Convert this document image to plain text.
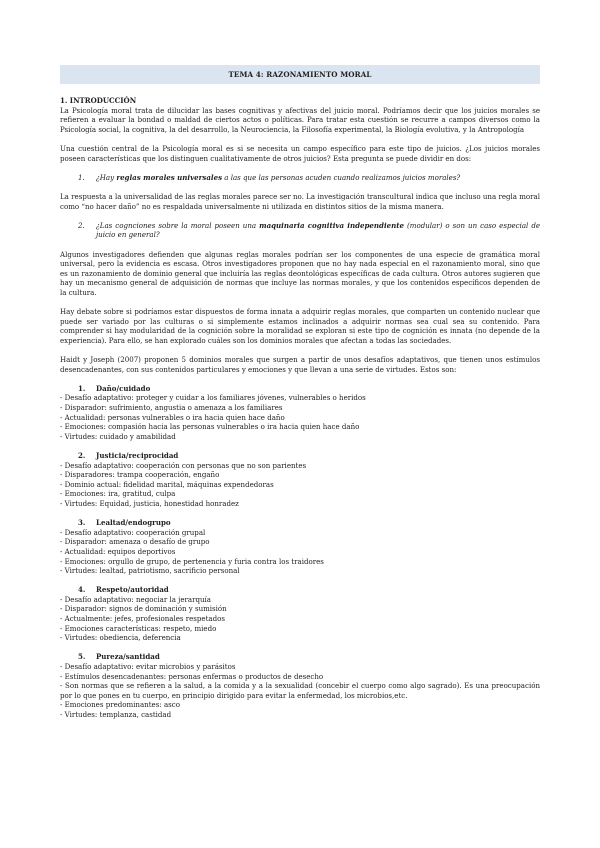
TEMA 4: RAZONAMIENTO MORAL

1. INTRODUCCIÓN

La Psicología moral trata de dilucidar las bases cognitivas y afectivas del juicio moral. Podríamos decir que los juicios morales se refieren a evaluar la bondad o maldad de ciertos actos o políticas. Para tratar esta cuestión se recurre a campos diversos como la Psicología social, la cognitiva, la del desarrollo, la Neurociencia, la Filosofía experimental, la Biología evolutiva, y la Antropología

Una cuestión central de la Psicología moral es si se necesita un campo específico para este tipo de juicios. ¿Los juicios morales poseen características que los distinguen cualitativamente de otros juicios? Esta pregunta se puede dividir en dos:

1.	¿Hay reglas morales universales a las que las personas acuden cuando realizamos juicios morales?

La respuesta a la universalidad de las reglas morales parece ser no. La investigación transcultural indica que incluso una regla moral como “no hacer daño” no es respaldada universalmente ni utilizada en distintos sitios de la misma manera.

2.	¿Las cognciones sobre la moral poseen una maquinaria cognitiva independiente (modular) o son un caso especial de juicio en general?

Algunos investigadores defienden que algunas reglas morales podrían ser los componentes de una especie de gramática moral universal, pero la evidencia es escasa. Otros investigadores proponen que no hay nada especial en el razonamiento moral, sino que es un razonamiento de dominio general que incluiría las reglas deontológicas específicas de cada cultura. Otros autores sugieren que hay un mecanismo general de adquisición de normas que incluye las normas morales, y que los contenidos específicos dependen de la cultura.

Hay debate sobre si podríamos estar dispuestos de forma innata a adquirir reglas morales, que comparten un contenido nuclear que puede ser variado por las culturas o si simplemente estamos inclinados a adquirir normas sea cual sea su contenido. Para comprender si hay modularidad de la cognición sobre la moralidad se exploran si este tipo de cognición es innata (no depende de la experiencia). Para ello, se han explorado cuáles son los dominios morales que afectan a todas las sociedades.

Haidt y Joseph (2007) proponen 5 dominios morales que surgen a partir de unos desafíos adaptativos, que tienen unos estímulos desencadenantes, con sus contenidos particulares y emociones y que llevan a una serie de virtudes. Estos son:

1.	Daño/cuidado
- Desafío adaptativo: proteger y cuidar a los familiares jóvenes, vulnerables o heridos
- Disparador: sufrimiento, angustia o amenaza a los familiares
- Actualidad: personas vulnerables o ira hacia quien hace daño
- Emociones: compasión hacia las personas vulnerables o ira hacia quien hace daño
- Virtudes: cuidado y amabilidad
2.	Justicia/reciprocidad
- Desafío adaptativo: cooperación con personas que no son parientes
- Disparadores: trampa cooperación, engaño
- Dominio actual: fidelidad marital, máquinas expendedoras
- Emociones: ira, gratitud, culpa
- Virtudes: Equidad, justicia, honestidad honradez
3.	Lealtad/endogrupo
- Desafío adaptativo: cooperación grupal
- Disparador: amenaza o desafío de grupo
- Actualidad: equipos deportivos
- Emociones: orgullo de grupo, de pertenencia y furia contra los traidores
- Virtudes: lealtad, patriotismo, sacrificio personal
4.	Respeto/autoridad
- Desafío adaptativo: negociar la jerarquía
- Disparador: signos de dominación y sumisión
- Actualmente: jefes, profesionales respetados
- Emociones características: respeto, miedo
- Virtudes: obediencia, deferencia
5.	Pureza/santidad
- Desafío adaptativo: evitar microbios y parásitos
- Estímulos desencadenantes: personas enfermas o productos de desecho
- Son normas que se refieren a la salud, a la comida y a la sexualidad (concebir el cuerpo como algo sagrado). Es una preocupación por lo que pones en tu cuerpo, en principio dirigido para evitar la enfermedad, los microbios,etc.
- Emociones predominantes: asco
- Virtudes: templanza, castidad
